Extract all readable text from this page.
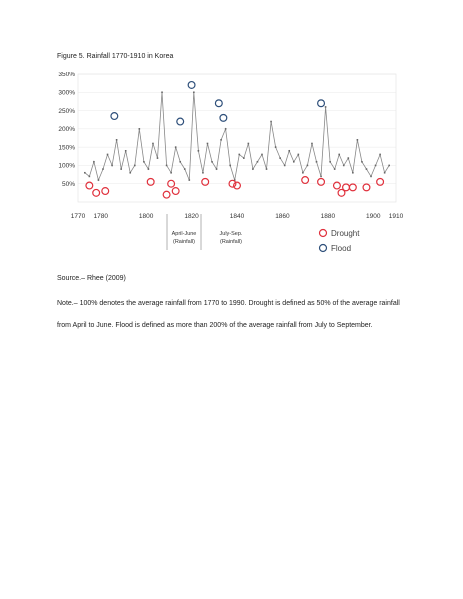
Figure 5. Rainfall 1770-1910 in Korea
50%
100%
150%
200%
250%
300%
350%
1770 1780	1800	1820	1840	1860	1880	1900 1910
April-June
(Rainfall)
July-Sep.
(Rainfall)
Drought
Flood
Source.– Rhee (2009)
Note.– 100% denotes the average rainfall from 1770 to 1990. Drought is defined as 50% of the average rainfall from April to June. Flood is defined as more than 200% of the average rainfall from July to September.
